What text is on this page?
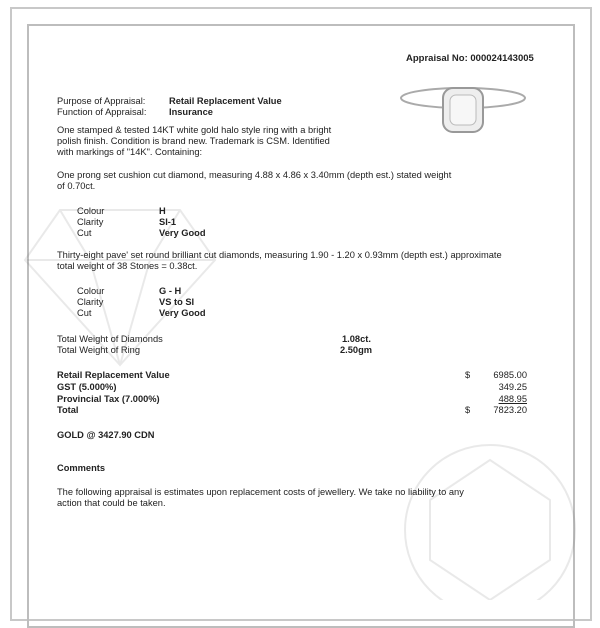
Appraisal No: 000024143005
Purpose of Appraisal:	Retail Replacement Value
Function of Appraisal: Insurance
One stamped & tested 14KT white gold halo style ring with a bright
polish finish. Condition is brand new. Trademark is CSM. Identified
with markings of "14K". Containing:
One prong set cushion cut diamond, measuring 4.88 x 4.86 x 3.40mm (depth est.) stated weight
of 0.70ct.
Colour	H
Clarity	SI-1
Cut	Very Good
Thirty-eight pave' set round brilliant cut diamonds, measuring 1.90 - 1.20 x 0.93mm (depth est.) approximate
total weight of 38 Stones = 0.38ct.
Colour	G - H
Clarity	VS to SI
Cut	Very Good
Total Weight of Diamonds	1.08ct.
Total Weight of Ring	2.50gm
Retail Replacement Value	$	6985.00
GST (5.000%)	349.25
Provincial Tax (7.000%)	488.95
Total	$	7823.20
GOLD @ 3427.90 CDN
Comments
The following appraisal is estimates upon replacement costs of jewellery. We take no liability to any
action that could be taken.
